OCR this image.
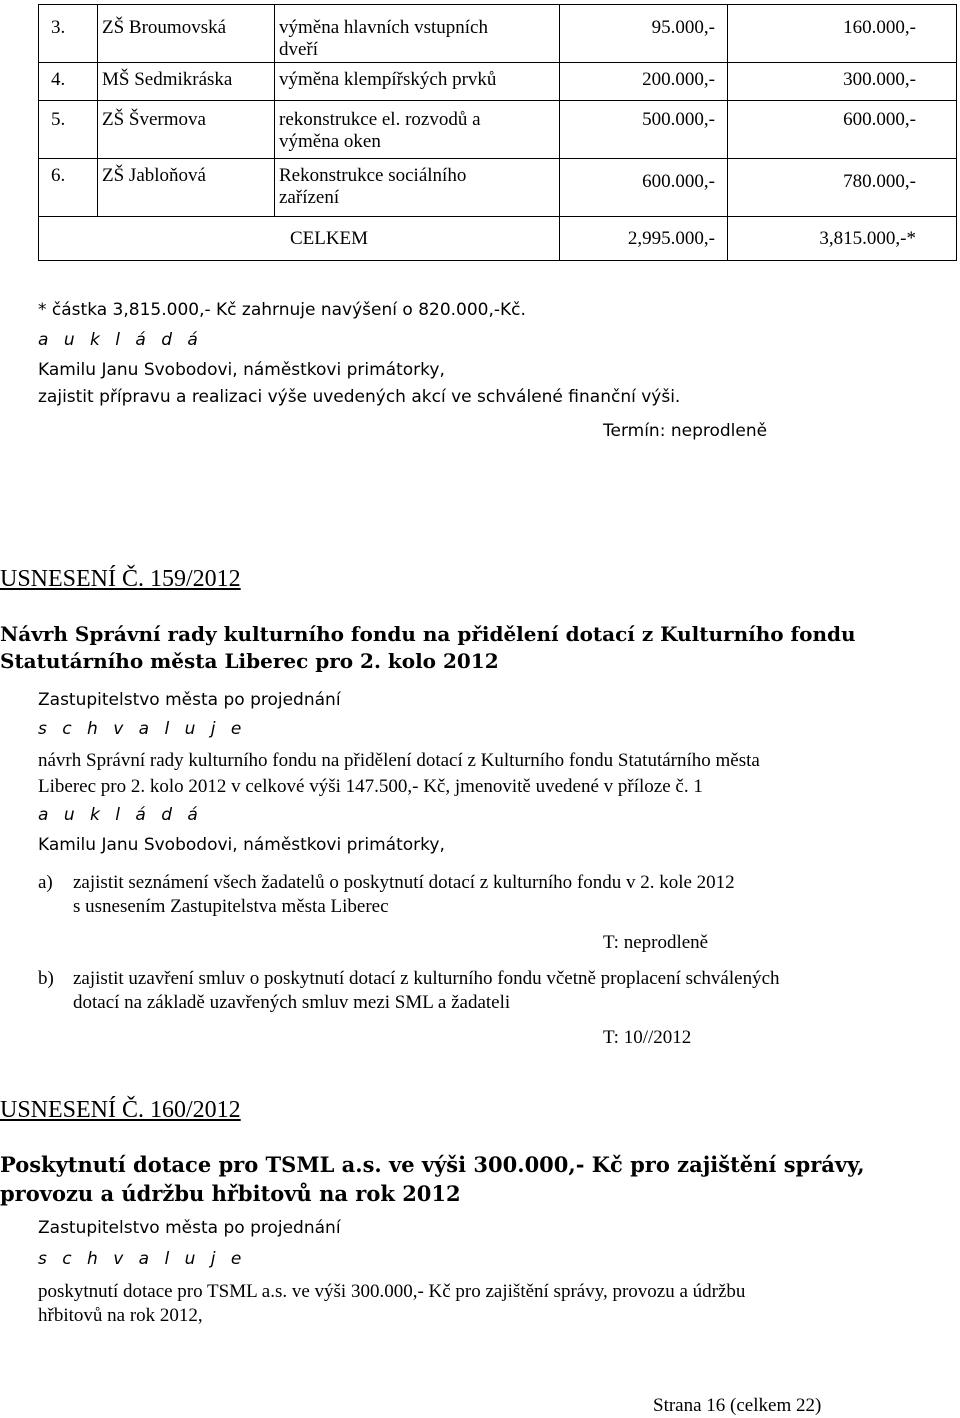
3.	ZŠ Broumovská	výměna hlavních vstupních
dveří	95.000,-	160.000,-
4.	MŠ Sedmikráska	výměna klempířských prvků	200.000,-	300.000,-
5.	ZŠ Švermova	rekonstrukce el. rozvodů a
výměna oken	500.000,-	600.000,-
6.	ZŠ Jabloňová	Rekonstrukce sociálního
zařízení	600.000,-	780.000,-
CELKEM			2,995.000,-	3,815.000,-*
* částka 3,815.000,- Kč zahrnuje navýšení o 820.000,-Kč.
a u k l á d á
Kamilu Janu Svobodovi, náměstkovi primátorky,
zajistit přípravu a realizaci výše uvedených akcí ve schválené finanční výši.
Termín: neprodleně
USNESENÍ Č. 159/2012
Návrh Správní rady kulturního fondu na přidělení dotací z Kulturního fondu
Statutárního města Liberec pro 2. kolo 2012
Zastupitelstvo města po projednání
s c h v a l u j e
návrh Správní rady kulturního fondu na přidělení dotací z Kulturního fondu Statutárního města
Liberec pro 2. kolo 2012 v celkové výši 147.500,- Kč, jmenovitě uvedené v příloze č. 1
a u k l á d á
Kamilu Janu Svobodovi, náměstkovi primátorky,
a) zajistit seznámení všech žadatelů o poskytnutí dotací z kulturního fondu v 2. kole 2012
s usnesením Zastupitelstva města Liberec
T: neprodleně
b) zajistit uzavření smluv o poskytnutí dotací z kulturního fondu včetně proplacení schválených
dotací na základě uzavřených smluv mezi SML a žadateli
T: 10//2012
USNESENÍ Č. 160/2012
Poskytnutí dotace pro TSML a.s. ve výši 300.000,- Kč pro zajištění správy,
provozu a údržbu hřbitovů na rok 2012
Zastupitelstvo města po projednání
s c h v a l u j e
poskytnutí dotace pro TSML a.s. ve výši 300.000,- Kč pro zajištění správy, provozu a údržbu
hřbitovů na rok 2012,
Strana 16 (celkem 22)
